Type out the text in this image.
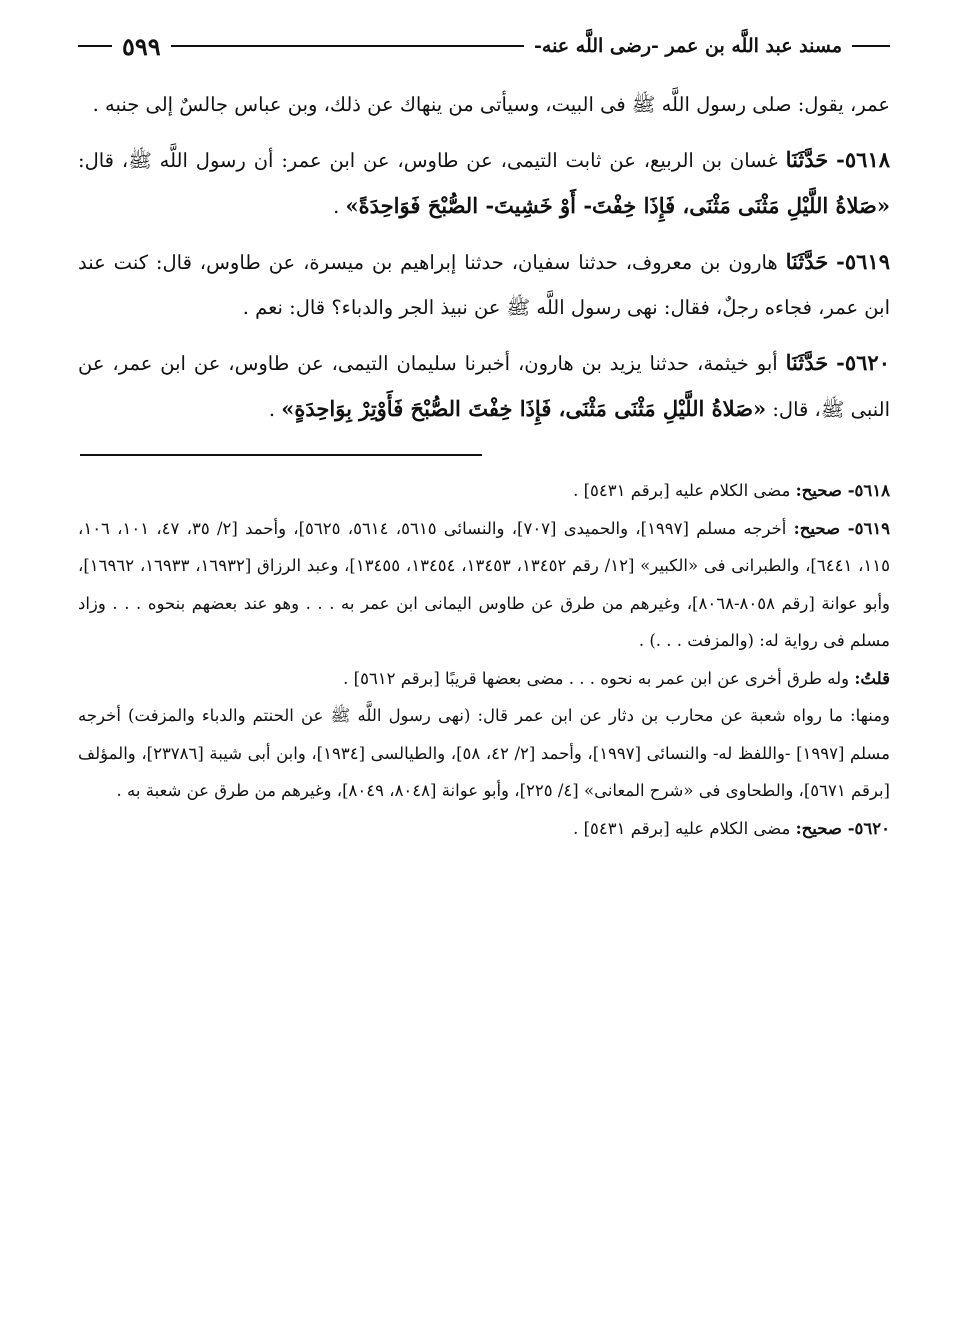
مسند عبد اللَّه بن عمر -رضى اللَّه عنه-
٥٩٩

عمر، يقول: صلى رسول اللَّه ﷺ فى البيت، وسيأتى من ينهاك عن ذلك، وبن عباس جالسٌ إلى جنبه .

٥٦١٨- حَدَّثَنَا غسان بن الربيع، عن ثابت التيمى، عن طاوس، عن ابن عمر: أن رسول اللَّه ﷺ، قال: «صَلاةُ اللَّيْلِ مَثْنَى مَثْنَى، فَإِذَا خِفْتَ- أَوْ خَشِيتَ- الصُّبْحَ فَوَاحِدَةً» .

٥٦١٩- حَدَّثَنَا هارون بن معروف، حدثنا سفيان، حدثنا إبراهيم بن ميسرة، عن طاوس، قال: كنت عند ابن عمر، فجاءه رجلٌ، فقال: نهى رسول اللَّه ﷺ عن نبيذ الجر والدباء؟ قال: نعم .

٥٦٢٠- حَدَّثَنَا أبو خيثمة، حدثنا يزيد بن هارون، أخبرنا سليمان التيمى، عن طاوس، عن ابن عمر، عن النبى ﷺ، قال: «صَلاةُ اللَّيْلِ مَثْنَى مَثْنَى، فَإِذَا خِفْتَ الصُّبْحَ فَأَوْتِرْ بِوَاحِدَةٍ» .

٥٦١٨- صحيح: مضى الكلام عليه [برقم ٥٤٣١] .

٥٦١٩- صحيح: أخرجه مسلم [١٩٩٧]، والحميدى [٧٠٧]، والنسائى ٥٦١٥، ٥٦١٤، ٥٦٢٥]، وأحمد [٢/ ٣٥، ٤٧، ١٠١، ١٠٦، ١١٥، ٦٤٤١]، والطبرانى فى «الكبير» [١٢/ رقم ١٣٤٥٢، ١٣٤٥٣، ١٣٤٥٤، ١٣٤٥٥]، وعبد الرزاق [١٦٩٣٢، ١٦٩٣٣، ١٦٩٦٢]، وأبو عوانة [رقم ٨٠٥٨-٨٠٦٨]، وغيرهم من طرق عن طاوس اليمانى ابن عمر به . . . وهو عند بعضهم بنحوه . . . وزاد مسلم فى رواية له: (والمزفت . . .) .

قلتُ: وله طرق أخرى عن ابن عمر به نحوه . . . مضى بعضها قريبًا [برقم ٥٦١٢] .

ومنها: ما رواه شعبة عن محارب بن دثار عن ابن عمر قال: (نهى رسول اللَّه ﷺ عن الحنتم والدباء والمزفت) أخرجه مسلم [١٩٩٧] -واللفظ له- والنسائى [١٩٩٧]، وأحمد [٢/ ٤٢، ٥٨]، والطيالسى [١٩٣٤]، وابن أبى شيبة [٢٣٧٨٦]، والمؤلف [برقم ٥٦٧١]، والطحاوى فى «شرح المعانى» [٤/ ٢٢٥]، وأبو عوانة [٨٠٤٨، ٨٠٤٩]، وغيرهم من طرق عن شعبة به .

٥٦٢٠- صحيح: مضى الكلام عليه [برقم ٥٤٣١] .
